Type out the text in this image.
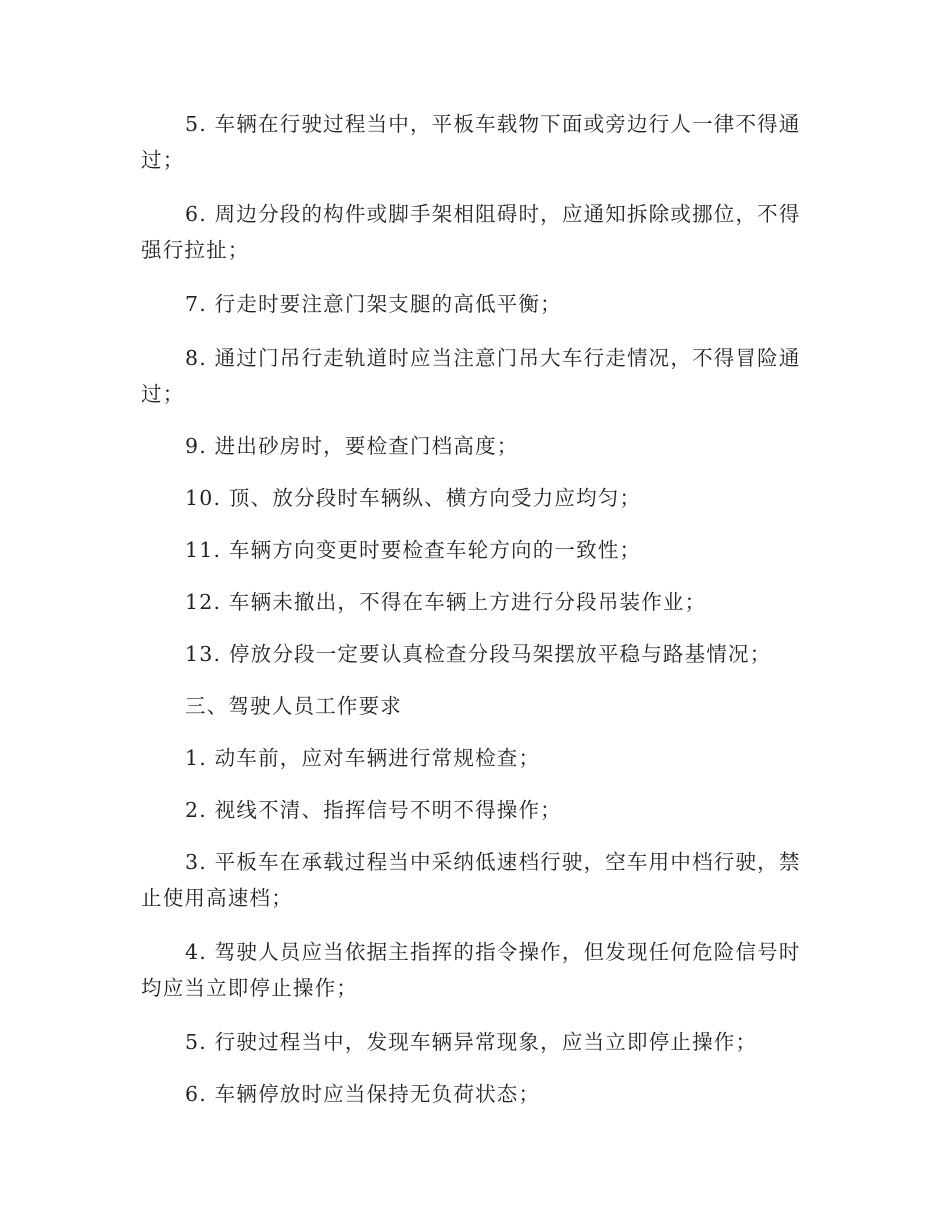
5. 车辆在行驶过程当中，平板车载物下面或旁边行人一律不得通过；

6. 周边分段的构件或脚手架相阻碍时，应通知拆除或挪位，不得强行拉扯；

7. 行走时要注意门架支腿的高低平衡；

8. 通过门吊行走轨道时应当注意门吊大车行走情况，不得冒险通过；

9. 进出砂房时，要检查门档高度；

10. 顶、放分段时车辆纵、横方向受力应均匀；

11. 车辆方向变更时要检查车轮方向的一致性；

12. 车辆未撤出，不得在车辆上方进行分段吊装作业；

13. 停放分段一定要认真检查分段马架摆放平稳与路基情况；

三、驾驶人员工作要求

1. 动车前，应对车辆进行常规检查；

2. 视线不清、指挥信号不明不得操作；

3. 平板车在承载过程当中采纳低速档行驶，空车用中档行驶，禁止使用高速档；

4. 驾驶人员应当依据主指挥的指令操作，但发现任何危险信号时均应当立即停止操作；

5. 行驶过程当中，发现车辆异常现象，应当立即停止操作；

6. 车辆停放时应当保持无负荷状态；
